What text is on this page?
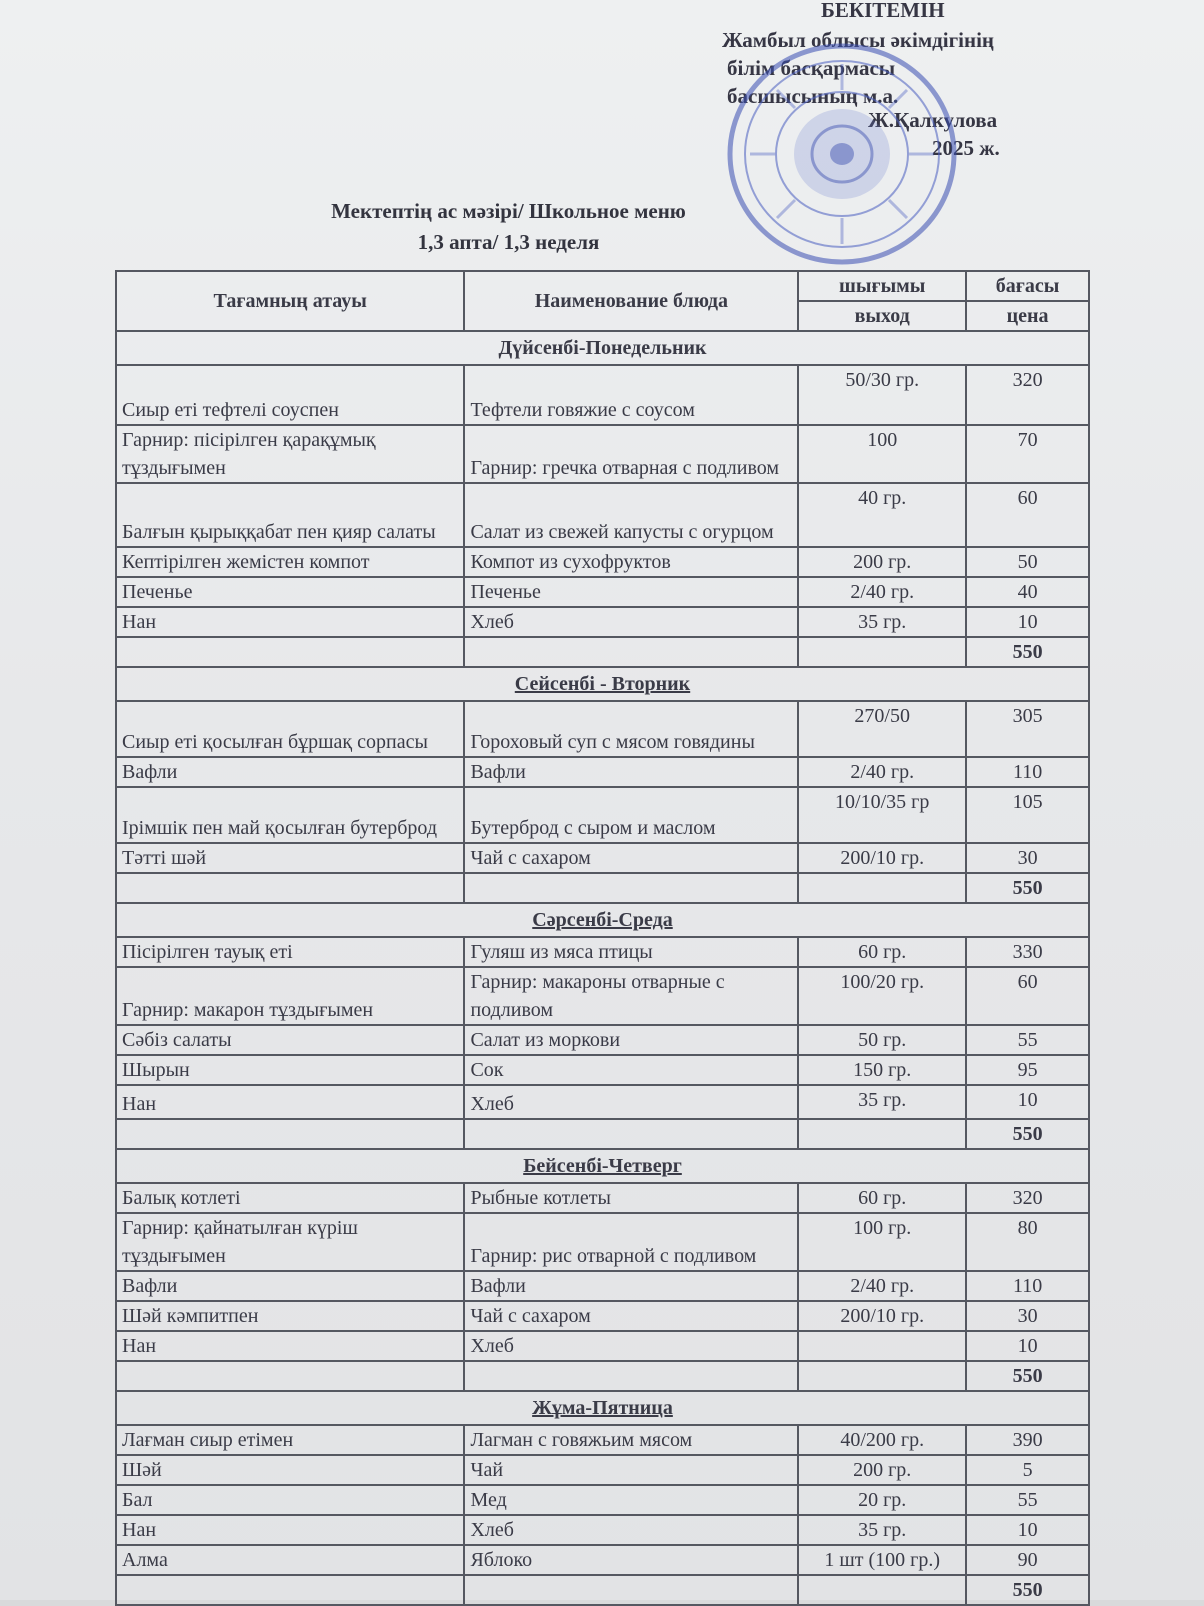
БЕКІТЕМІН
Жамбыл облысы әкімдігінің
білім басқармасы
басшысының м.а.
Ж.Қалкулова
2025 ж.
Мектептің ас мәзірі/ Школьное меню
1,3 апта/ 1,3 неделя
Тағамның атауы	Наименование блюда	шығымы	бағасы
		выход	цена
Дүйсенбі-Понедельник			
Сиыр еті тефтелі соуспен	Тефтели говяжие с соусом	50/30 гр.	320
Гарнир: пісірілген қарақұмық тұздығымен	Гарнир: гречка отварная с подливом	100	70
Балғын қырыққабат пен қияр салаты	Салат из свежей капусты с огурцом	40 гр.	60
Кептірілген жемістен компот	Компот из сухофруктов	200 гр.	50
Печенье	Печенье	2/40 гр.	40
Нан	Хлеб	35 гр.	10
			550
Сейсенбі - Вторник			
Сиыр еті қосылған бұршақ сорпасы	Гороховый суп с мясом говядины	270/50	305
Вафли	Вафли	2/40 гр.	110
Ірімшік пен май қосылған бутерброд	Бутерброд с сыром и маслом	10/10/35 гр	105
Тәтті шәй	Чай с сахаром	200/10 гр.	30
			550
Сәрсенбі-Среда			
Пісірілген тауық еті	Гуляш из мяса птицы	60 гр.	330
Гарнир: макарон тұздығымен	Гарнир: макароны отварные с подливом	100/20 гр.	60
Сәбіз салаты	Салат из моркови	50 гр.	55
Шырын	Сок	150 гр.	95
Нан	Хлеб	35 гр.	10
			550
Бейсенбі-Четверг			
Балық котлеті	Рыбные котлеты	60 гр.	320
Гарнир: қайнатылған күріш тұздығымен	Гарнир: рис отварной с подливом	100 гр.	80
Вафли	Вафли	2/40 гр.	110
Шәй кәмпитпен	Чай с сахаром	200/10 гр.	30
Нан	Хлеб		10
			550
Жұма-Пятница			
Лағман сиыр етімен	Лагман с говяжьим мясом	40/200 гр.	390
Шәй	Чай	200 гр.	5
Бал	Мед	20 гр.	55
Нан	Хлеб	35 гр.	10
Алма	Яблоко	1 шт (100 гр.)	90
			550
